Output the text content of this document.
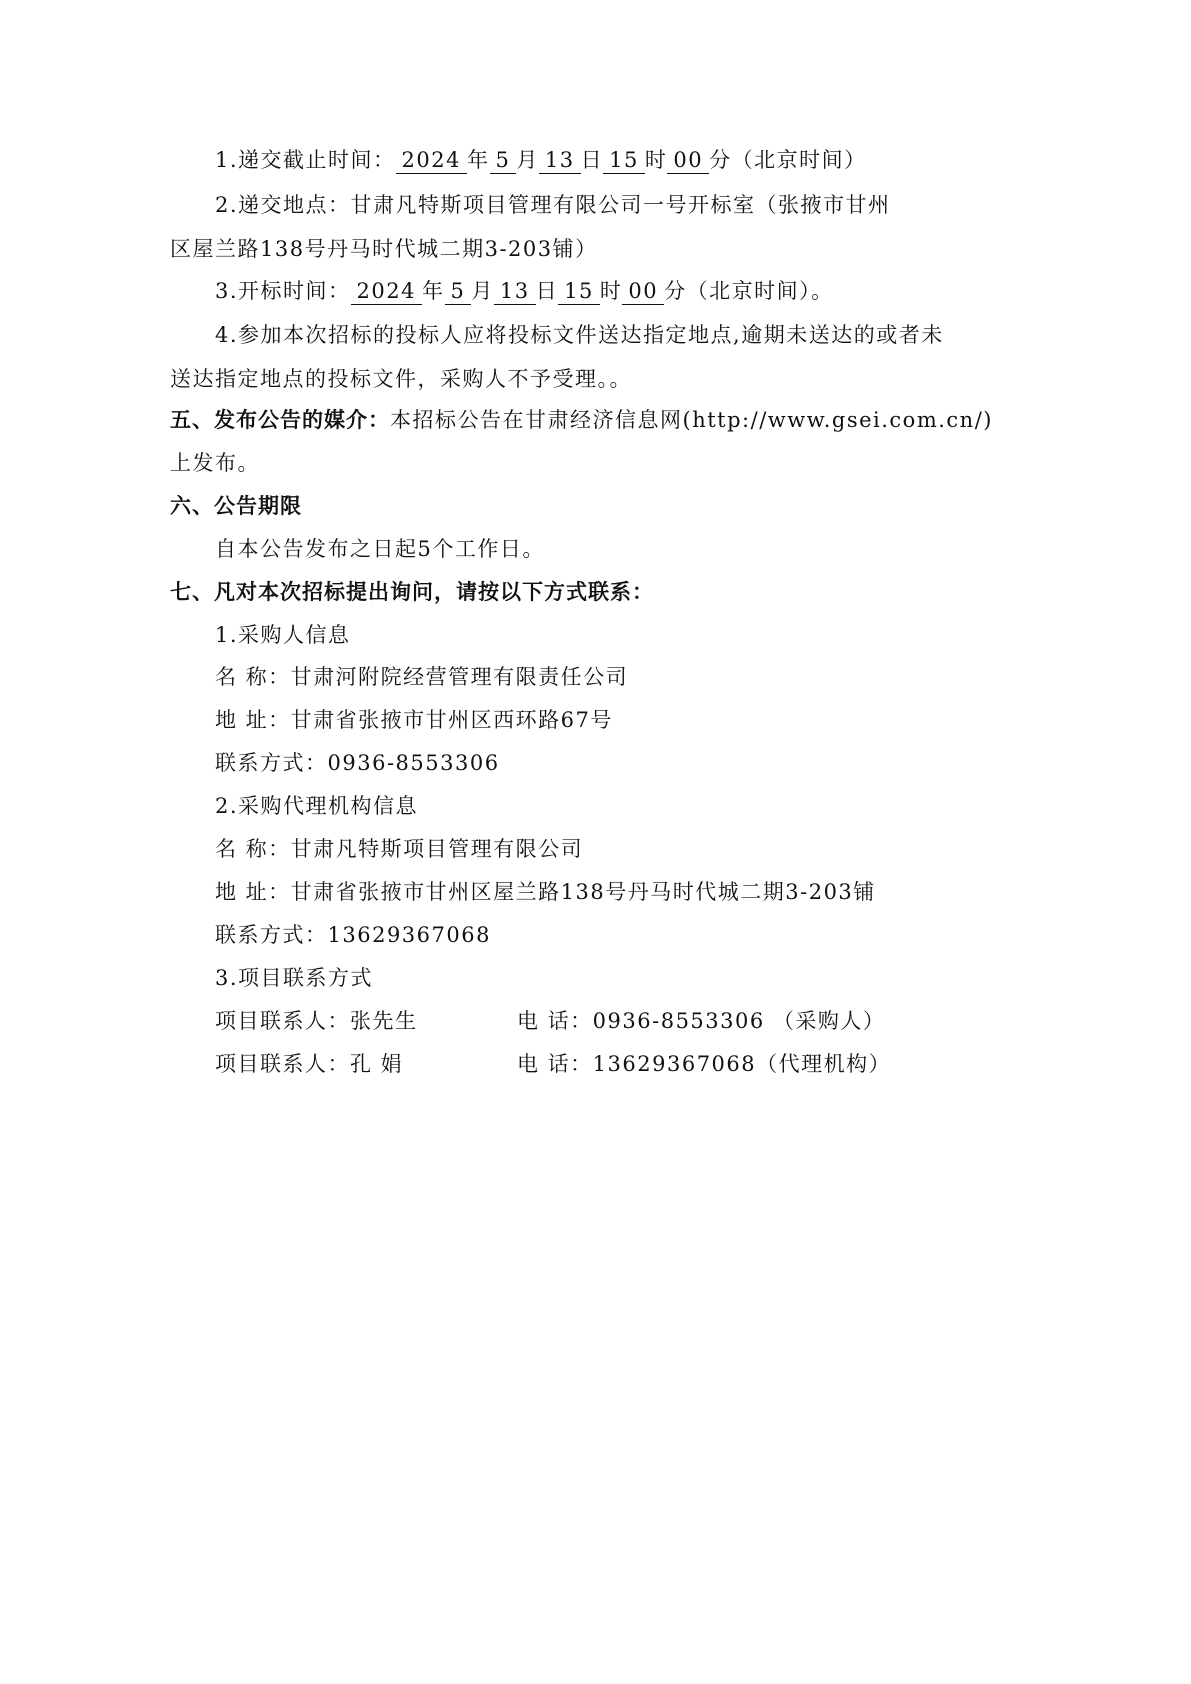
1.递交截止时间： 2024 年 5 月 13 日 15 时 00 分（北京时间）
2.递交地点：甘肃凡特斯项目管理有限公司一号开标室（张掖市甘州
区屋兰路138号丹马时代城二期3-203铺）
3.开标时间： 2024 年 5 月 13 日 15 时 00 分（北京时间）。
4.参加本次招标的投标人应将投标文件送达指定地点,逾期未送达的或者未
送达指定地点的投标文件，采购人不予受理。。
五、发布公告的媒介：本招标公告在甘肃经济信息网(http://www.gsei.com.cn/)
上发布。
六、公告期限
自本公告发布之日起5个工作日。
七、凡对本次招标提出询问，请按以下方式联系：
1.采购人信息
名 称：甘肃河附院经营管理有限责任公司
地 址：甘肃省张掖市甘州区西环路67号
联系方式：0936-8553306
2.采购代理机构信息
名 称：甘肃凡特斯项目管理有限公司
地 址：甘肃省张掖市甘州区屋兰路138号丹马时代城二期3-203铺
联系方式：13629367068
3.项目联系方式
项目联系人：张先生	电 话：0936-8553306 （采购人）
项目联系人：孔 娟	电 话：13629367068（代理机构）
